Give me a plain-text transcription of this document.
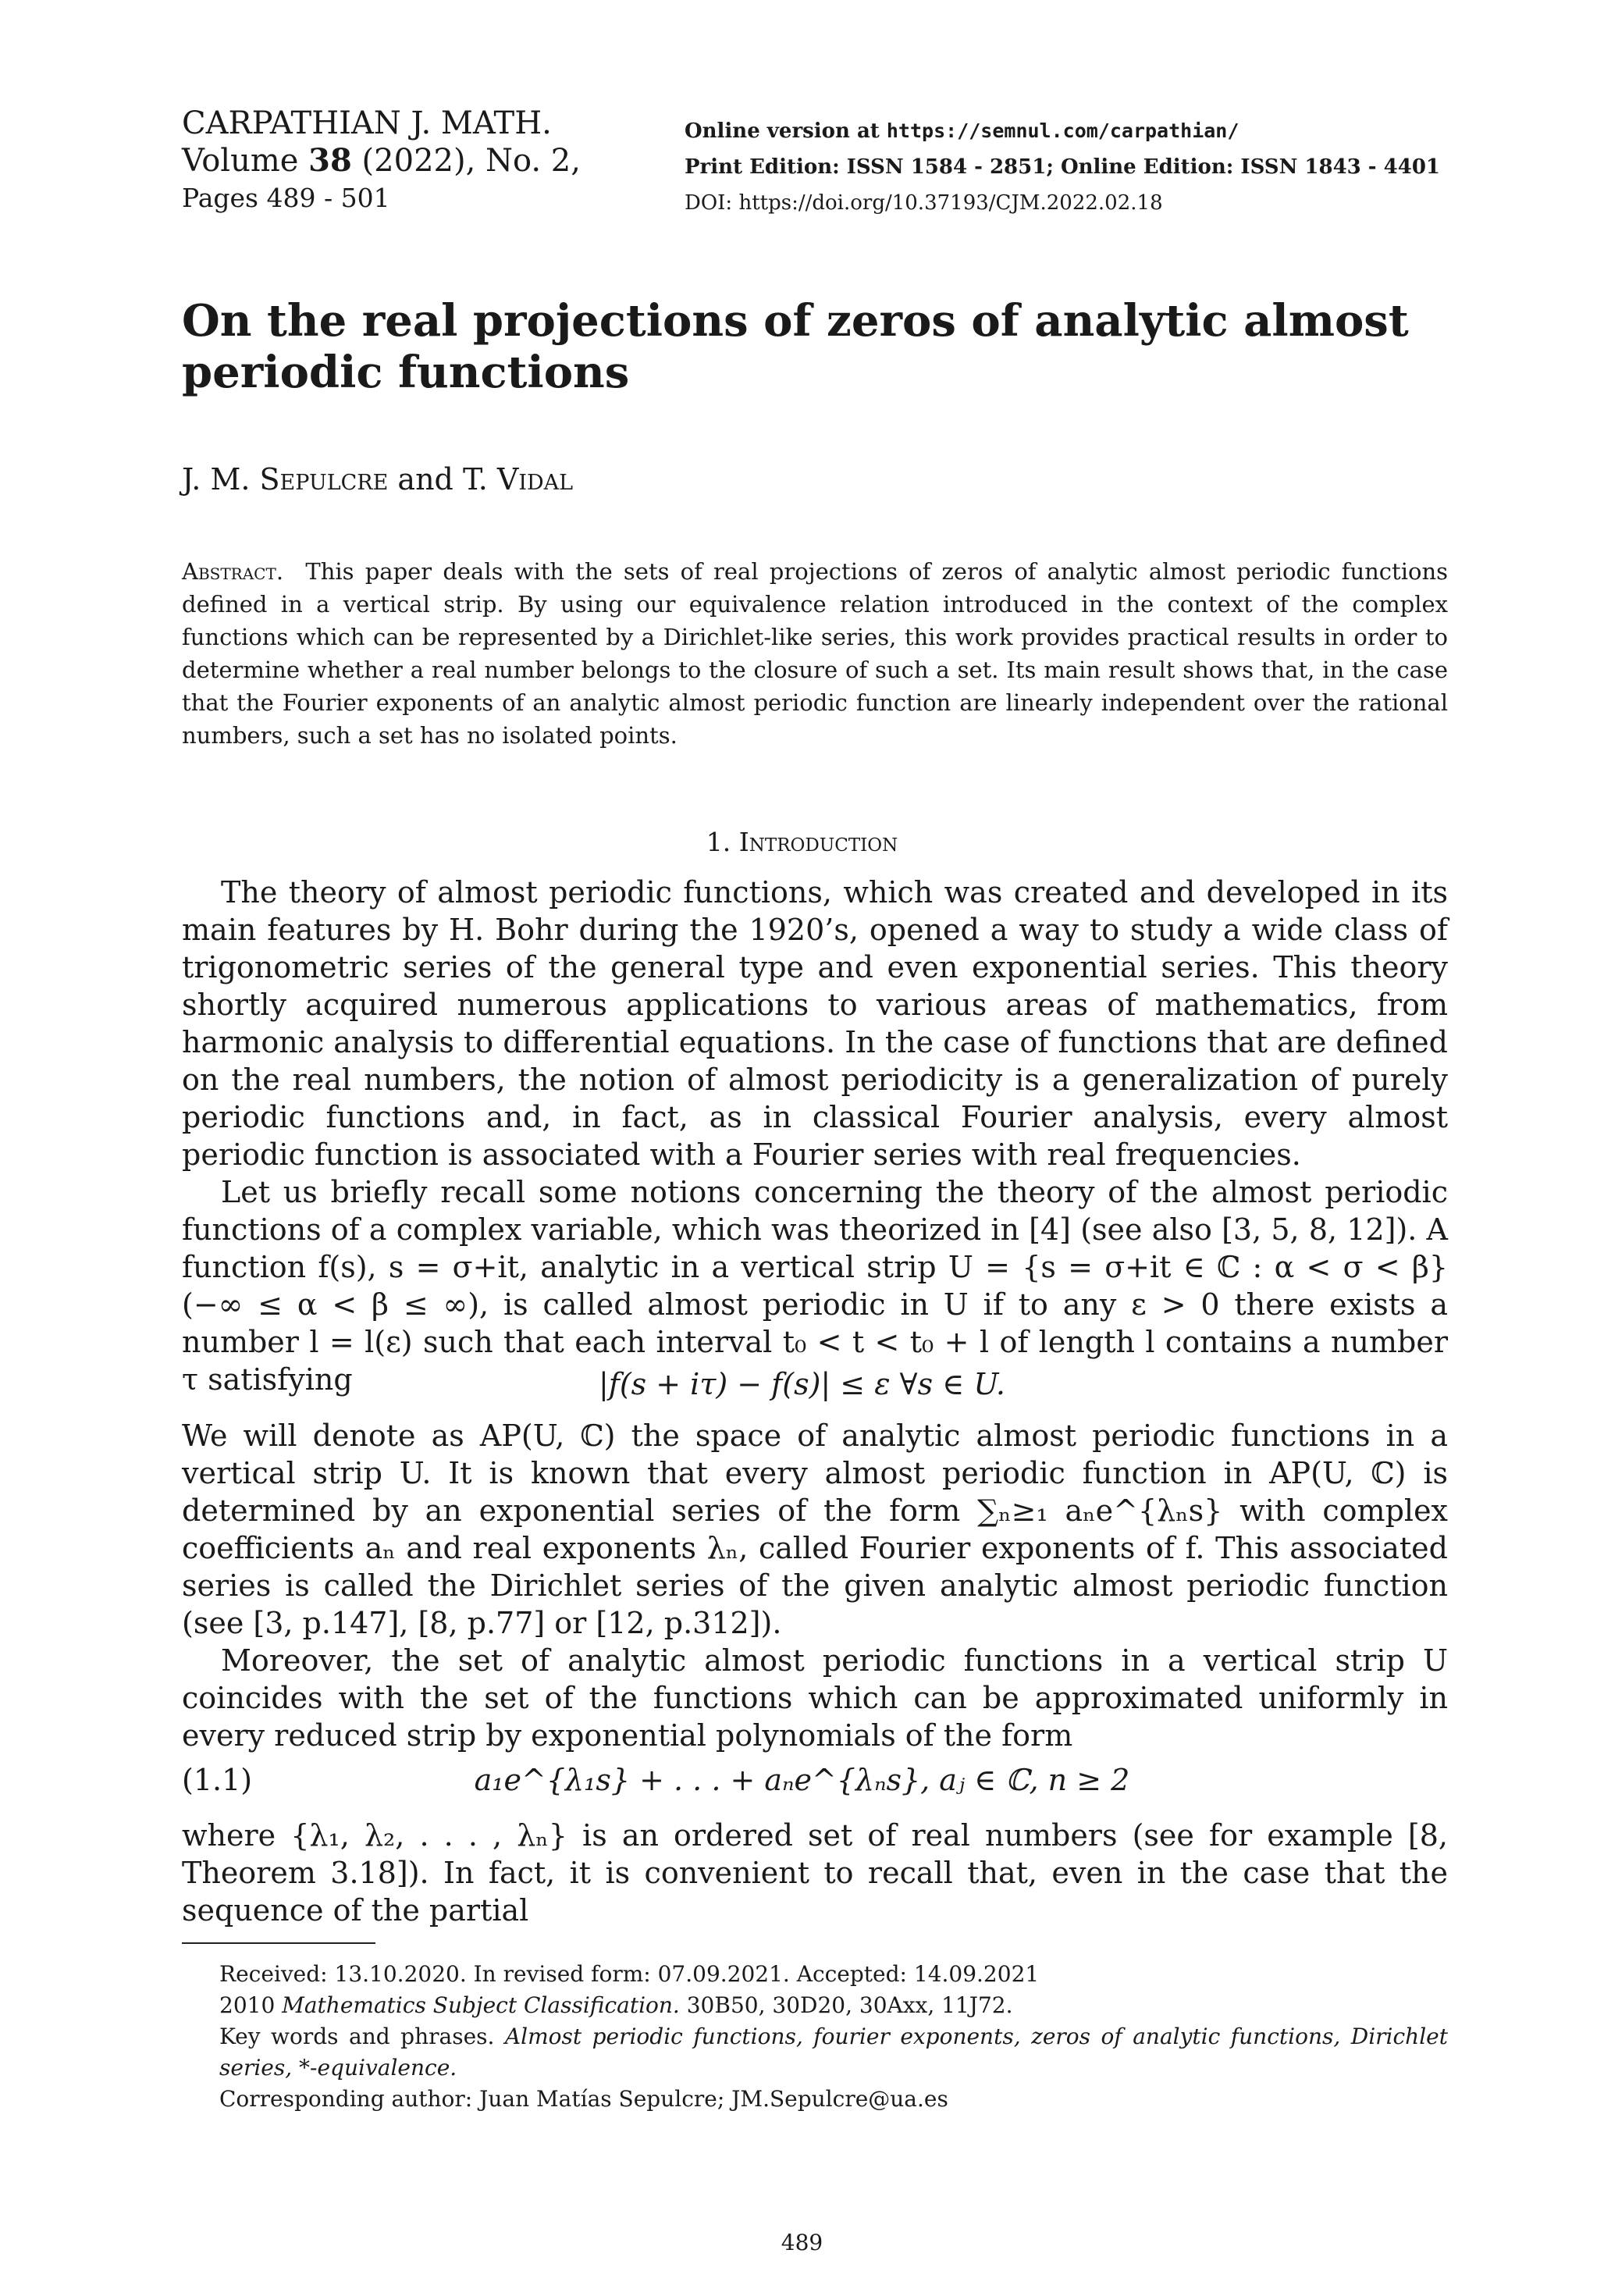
CARPATHIAN J. MATH.
Volume 38 (2022), No. 2,
Pages 489 - 501
Online version at https://semnul.com/carpathian/
Print Edition: ISSN 1584 - 2851; Online Edition: ISSN 1843 - 4401
DOI: https://doi.org/10.37193/CJM.2022.02.18
On the real projections of zeros of analytic almost periodic functions
J. M. Sepulcre and T. Vidal
Abstract. This paper deals with the sets of real projections of zeros of analytic almost periodic functions defined in a vertical strip. By using our equivalence relation introduced in the context of the complex functions which can be represented by a Dirichlet-like series, this work provides practical results in order to determine whether a real number belongs to the closure of such a set. Its main result shows that, in the case that the Fourier exponents of an analytic almost periodic function are linearly independent over the rational numbers, such a set has no isolated points.
1. Introduction
The theory of almost periodic functions, which was created and developed in its main features by H. Bohr during the 1920’s, opened a way to study a wide class of trigonometric series of the general type and even exponential series. This theory shortly acquired numerous applications to various areas of mathematics, from harmonic analysis to differential equations. In the case of functions that are defined on the real numbers, the notion of almost periodicity is a generalization of purely periodic functions and, in fact, as in classical Fourier analysis, every almost periodic function is associated with a Fourier series with real frequencies.
Let us briefly recall some notions concerning the theory of the almost periodic functions of a complex variable, which was theorized in [4] (see also [3, 5, 8, 12]). A function f(s), s = σ+it, analytic in a vertical strip U = {s = σ+it ∈ ℂ : α < σ < β} (−∞ ≤ α < β ≤ ∞), is called almost periodic in U if to any ε > 0 there exists a number l = l(ε) such that each interval t₀ < t < t₀ + l of length l contains a number τ satisfying	|f(s + iτ) − f(s)| ≤ ε ∀s ∈ U.
We will denote as AP(U, ℂ) the space of analytic almost periodic functions in a vertical strip U. It is known that every almost periodic function in AP(U, ℂ) is determined by an exponential series of the form ∑ₙ≥₁ aₙe^{λₙs} with complex coefficients aₙ and real exponents λₙ, called Fourier exponents of f. This associated series is called the Dirichlet series of the given analytic almost periodic function (see [3, p.147], [8, p.77] or [12, p.312]).
Moreover, the set of analytic almost periodic functions in a vertical strip U coincides with the set of the functions which can be approximated uniformly in every reduced strip by exponential polynomials of the form
(1.1)	a₁e^{λ₁s} + . . . + aₙe^{λₙs}, aⱼ ∈ ℂ, n ≥ 2
where {λ₁, λ₂, . . . , λₙ} is an ordered set of real numbers (see for example [8, Theorem 3.18]). In fact, it is convenient to recall that, even in the case that the sequence of the partial
Received: 13.10.2020. In revised form: 07.09.2021. Accepted: 14.09.2021
2010 Mathematics Subject Classification. 30B50, 30D20, 30Axx, 11J72.
Key words and phrases. Almost periodic functions, fourier exponents, zeros of analytic functions, Dirichlet series, *-equivalence.
Corresponding author: Juan Matías Sepulcre; JM.Sepulcre@ua.es
489
